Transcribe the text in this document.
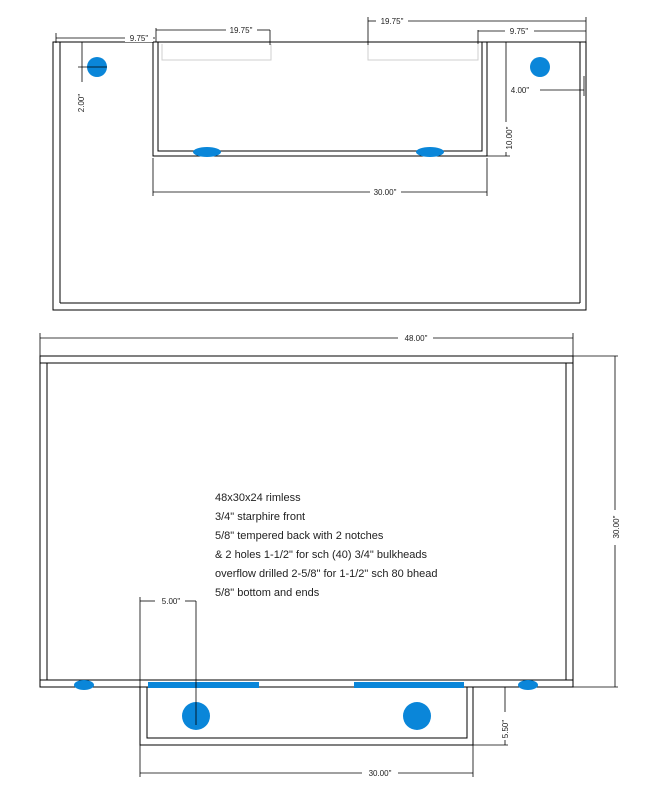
9.75"
19.75"
19.75"
9.75"
2.00"
4.00"
10.00"
30.00"
48.00"
30.00"
5.00"
5.50"
30.00"
48x30x24 rimless
3/4" starphire front
5/8" tempered back with 2 notches
& 2 holes 1-1/2" for sch (40) 3/4" bulkheads
overflow drilled 2-5/8" for 1-1/2" sch 80 bhead
5/8" bottom and ends
